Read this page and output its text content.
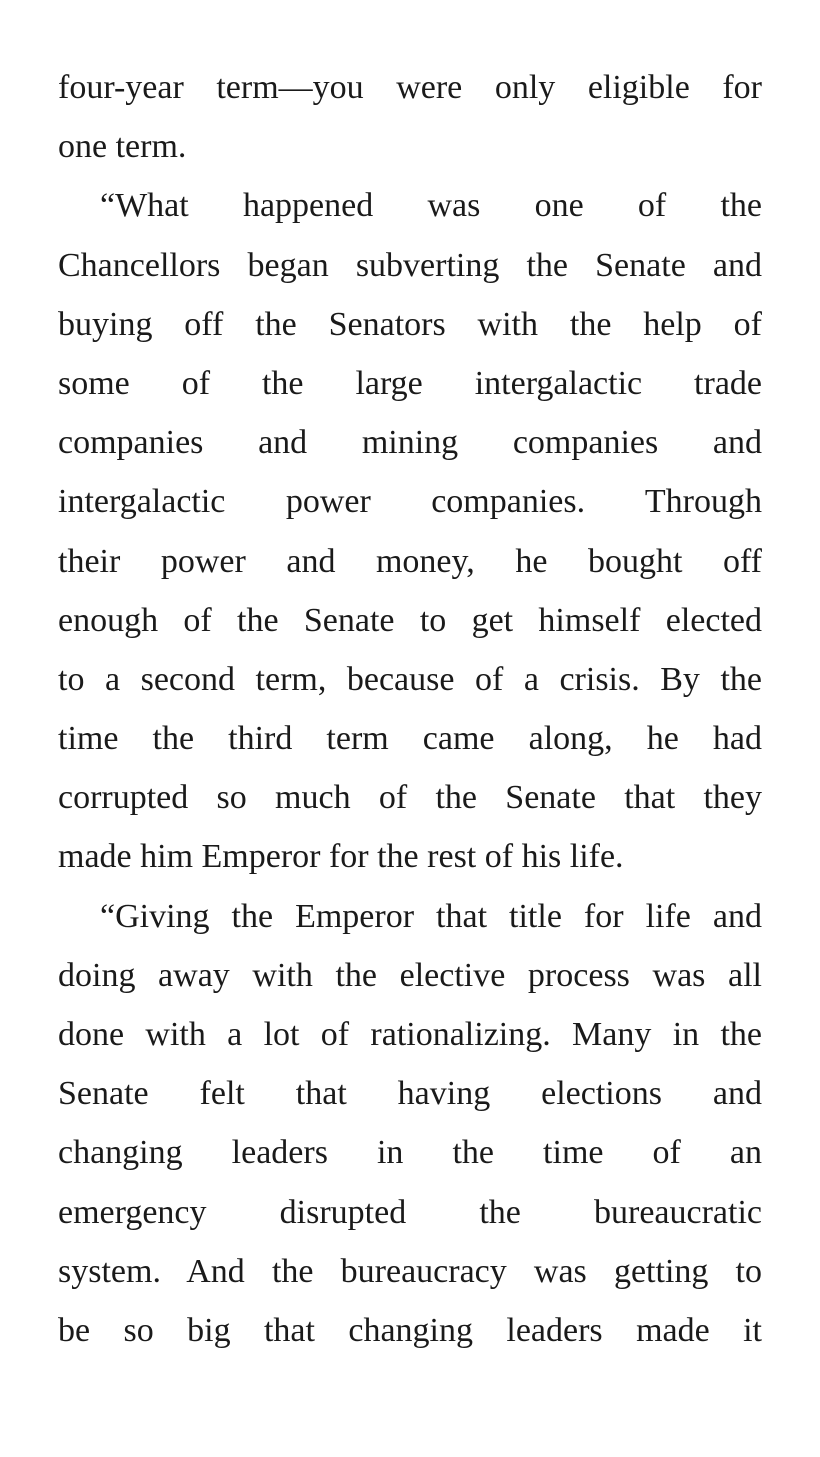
four-year term—you were only eligible for
one term.
“What happened was one of the
Chancellors began subverting the Senate and
buying off the Senators with the help of
some of the large intergalactic trade
companies and mining companies and
intergalactic power companies. Through
their power and money, he bought off
enough of the Senate to get himself elected
to a second term, because of a crisis. By the
time the third term came along, he had
corrupted so much of the Senate that they
made him Emperor for the rest of his life.
“Giving the Emperor that title for life and
doing away with the elective process was all
done with a lot of rationalizing. Many in the
Senate felt that having elections and
changing leaders in the time of an
emergency disrupted the bureaucratic
system. And the bureaucracy was getting to
be so big that changing leaders made it
